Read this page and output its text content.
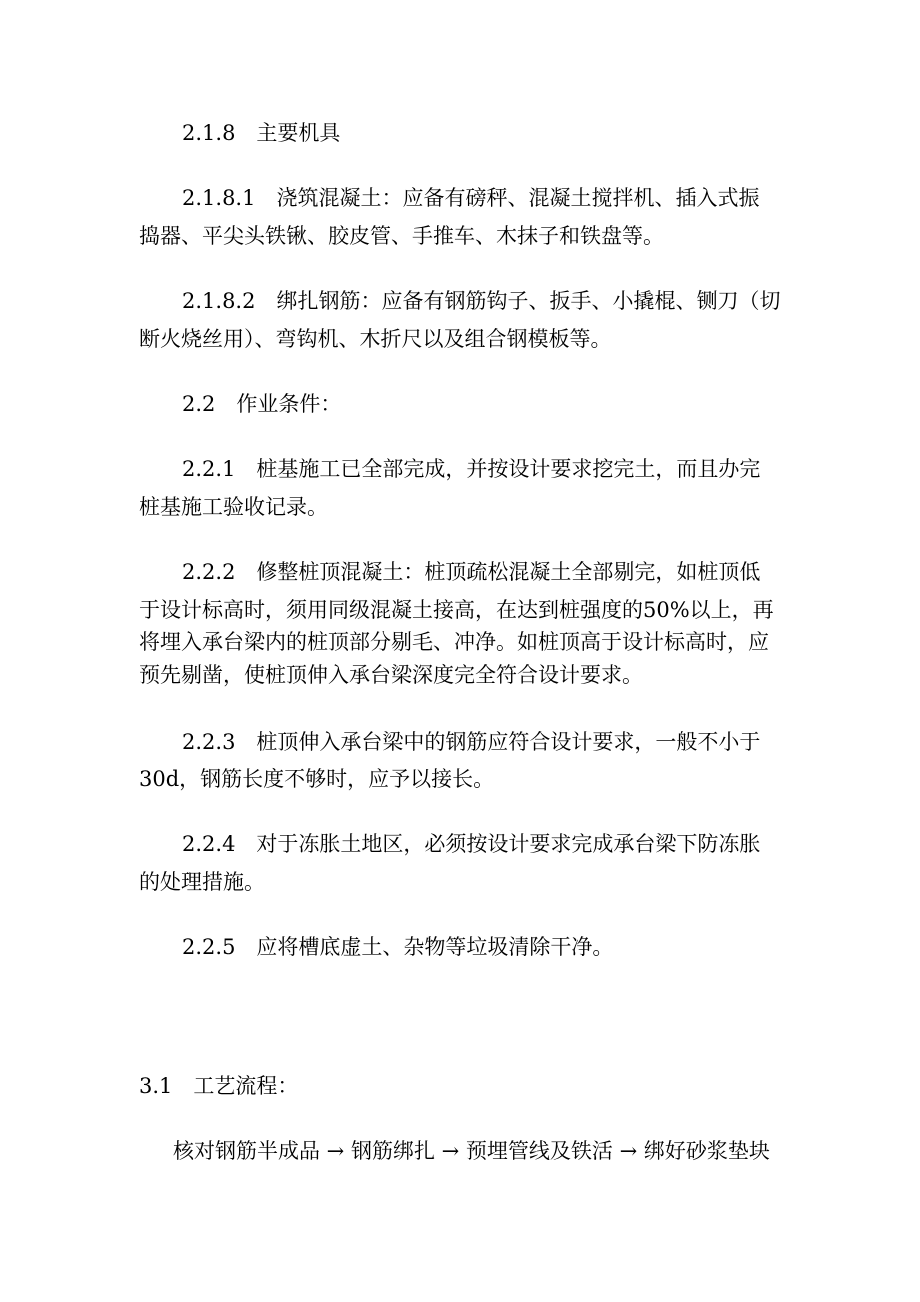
2.1.8　主要机具
2.1.8.1　浇筑混凝土：应备有磅秤、混凝土搅拌机、插入式振
捣器、平尖头铁锹、胶皮管、手推车、木抹子和铁盘等。
2.1.8.2　绑扎钢筋：应备有钢筋钩子、扳手、小撬棍、铡刀（切
断火烧丝用）、弯钩机、木折尺以及组合钢模板等。
2.2　作业条件：
2.2.1　桩基施工已全部完成，并按设计要求挖完土，而且办完
桩基施工验收记录。
2.2.2　修整桩顶混凝土：桩顶疏松混凝土全部剔完，如桩顶低
于设计标高时，须用同级混凝土接高，在达到桩强度的50%以上，再
将埋入承台梁内的桩顶部分剔毛、冲净。如桩顶高于设计标高时，应
预先剔凿，使桩顶伸入承台梁深度完全符合设计要求。
2.2.3　桩顶伸入承台梁中的钢筋应符合设计要求，一般不小于
30d，钢筋长度不够时，应予以接长。
2.2.4　对于冻胀土地区，必须按设计要求完成承台梁下防冻胀
的处理措施。
2.2.5　应将槽底虚土、杂物等垃圾清除干净。
3.1　工艺流程：
核对钢筋半成品 → 钢筋绑扎 → 预埋管线及铁活 → 绑好砂浆垫块
